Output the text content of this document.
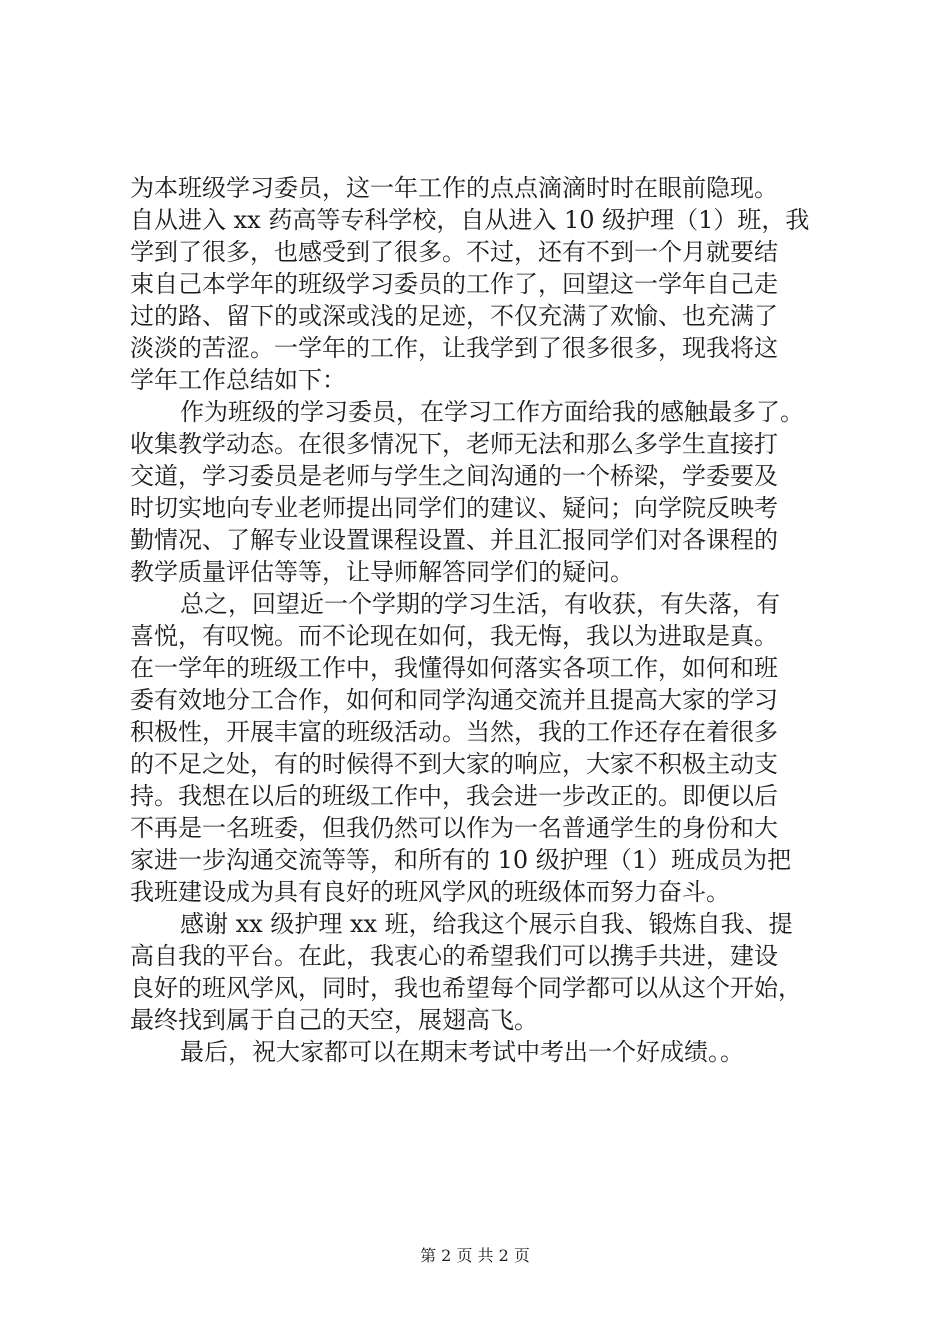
为本班级学习委员，这一年工作的点点滴滴时时在眼前隐现。
自从进入 xx 药高等专科学校，自从进入 10 级护理（1）班，我
学到了很多，也感受到了很多。不过，还有不到一个月就要结
束自己本学年的班级学习委员的工作了，回望这一学年自己走
过的路、留下的或深或浅的足迹，不仅充满了欢愉、也充满了
淡淡的苦涩。一学年的工作，让我学到了很多很多，现我将这
学年工作总结如下：
作为班级的学习委员，在学习工作方面给我的感触最多了。
收集教学动态。在很多情况下，老师无法和那么多学生直接打
交道，学习委员是老师与学生之间沟通的一个桥梁，学委要及
时切实地向专业老师提出同学们的建议、疑问；向学院反映考
勤情况、了解专业设置课程设置、并且汇报同学们对各课程的
教学质量评估等等，让导师解答同学们的疑问。
总之，回望近一个学期的学习生活，有收获，有失落，有
喜悦，有叹惋。而不论现在如何，我无悔，我以为进取是真。
在一学年的班级工作中，我懂得如何落实各项工作，如何和班
委有效地分工合作，如何和同学沟通交流并且提高大家的学习
积极性，开展丰富的班级活动。当然，我的工作还存在着很多
的不足之处，有的时候得不到大家的响应，大家不积极主动支
持。我想在以后的班级工作中，我会进一步改正的。即便以后
不再是一名班委，但我仍然可以作为一名普通学生的身份和大
家进一步沟通交流等等，和所有的 10 级护理（1）班成员为把
我班建设成为具有良好的班风学风的班级体而努力奋斗。
感谢 xx 级护理 xx 班，给我这个展示自我、锻炼自我、提
高自我的平台。在此，我衷心的希望我们可以携手共进，建设
良好的班风学风，同时，我也希望每个同学都可以从这个开始，
最终找到属于自己的天空，展翅高飞。
最后，祝大家都可以在期末考试中考出一个好成绩。。
第 2 页 共 2 页
